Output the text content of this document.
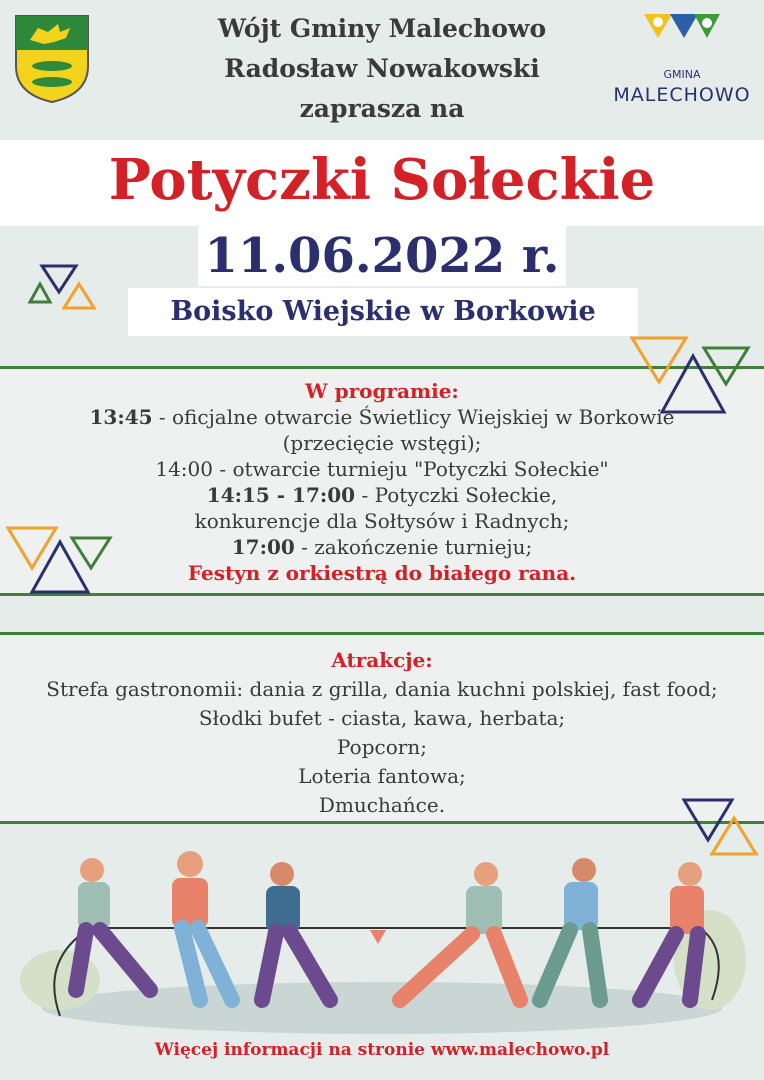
Wójt Gminy Malechowo
Radosław Nowakowski
zaprasza na
GMINA
MALECHOWO
Potyczki Sołeckie
11.06.2022 r.
Boisko Wiejskie w Borkowie
W programie:
13:45 - oficjalne otwarcie Świetlicy Wiejskiej w Borkowie
(przecięcie wstęgi);
14:00 - otwarcie turnieju "Potyczki Sołeckie"
14:15 - 17:00 - Potyczki Sołeckie,
konkurencje dla Sołtysów i Radnych;
17:00 - zakończenie turnieju;
Festyn z orkiestrą do białego rana.
Atrakcje:
Strefa gastronomii: dania z grilla, dania kuchni polskiej, fast food;
Słodki bufet - ciasta, kawa, herbata;
Popcorn;
Loteria fantowa;
Dmuchańce.
Więcej informacji na stronie www.malechowo.pl
